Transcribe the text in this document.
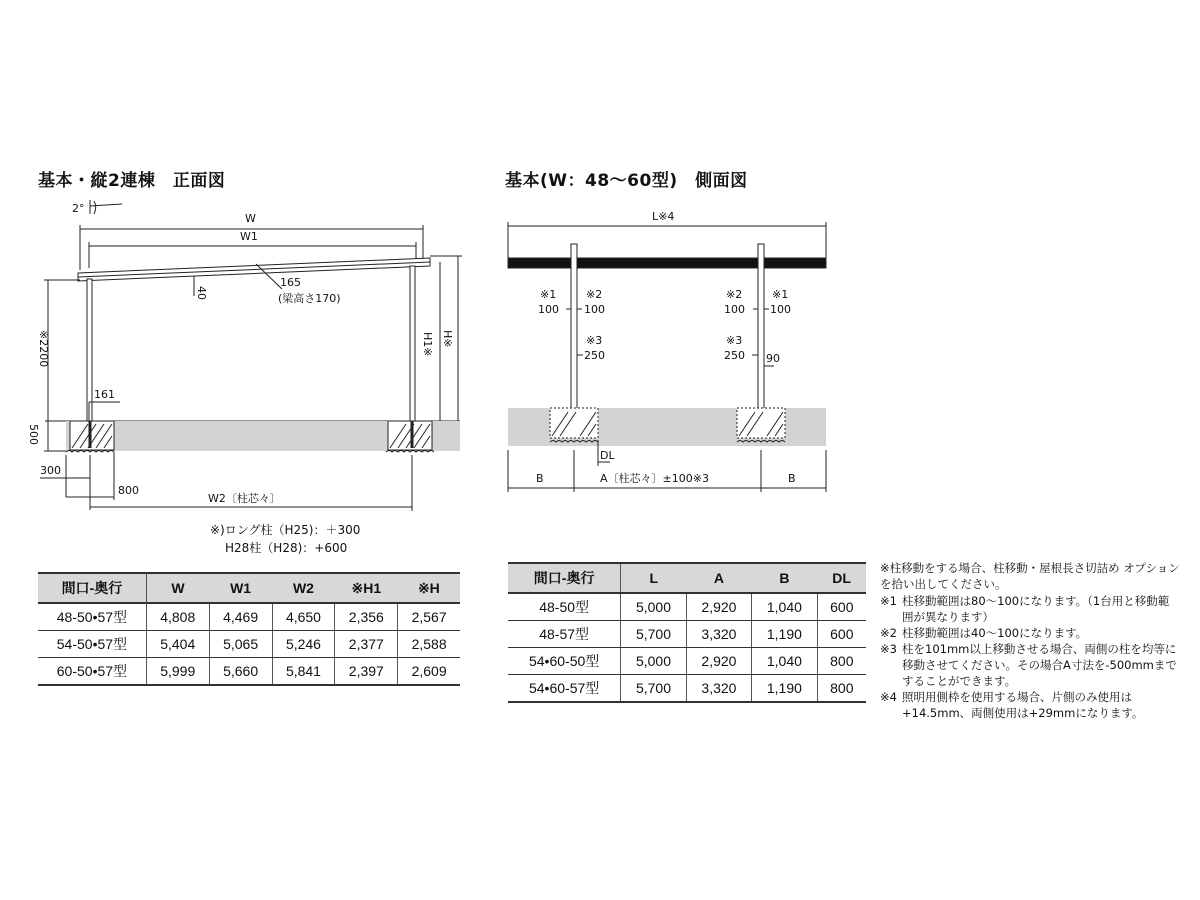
基本・縦2連棟　正面図	基本(W：48～60型)　側面図
2°
W
W1
165
(梁高さ170)
40
※2200	H1※ H※
161
500
300
800
W2〔柱芯々〕
※)ロング柱（H25)：＋300
H28柱（H28)：+600
L※4
※1
100
※2
100
※3
250
※2
100
※1
100
※3
250 90
DL
B	A〔柱芯々〕±100※3	B
間口-奥行	W	W1	W2	※H1	※H
48-50•57型	4,808	4,469	4,650	2,356	2,567
54-50•57型	5,404	5,065	5,246	2,377	2,588
60-50•57型	5,999	5,660	5,841	2,397	2,609
間口-奥行	L	A	B	DL
48-50型	5,000	2,920	1,040	600
48-57型	5,700	3,320	1,190	600
54•60-50型	5,000	2,920	1,040	800
54•60-57型	5,700	3,320	1,190	800
※柱移動をする場合、柱移動・屋根長さ切詰め オプションを拾い出してください。
※1 柱移動範囲は80～100になります。（1台用と移動範囲が異なります）
※2 柱移動範囲は40～100になります。
※3 柱を101mm以上移動させる場合、両側の柱を均等に移動させてください。その場合A寸法を-500mmまですることができます。
※4 照明用側枠を使用する場合、片側のみ使用は+14.5mm、両側使用は+29mmになります。
